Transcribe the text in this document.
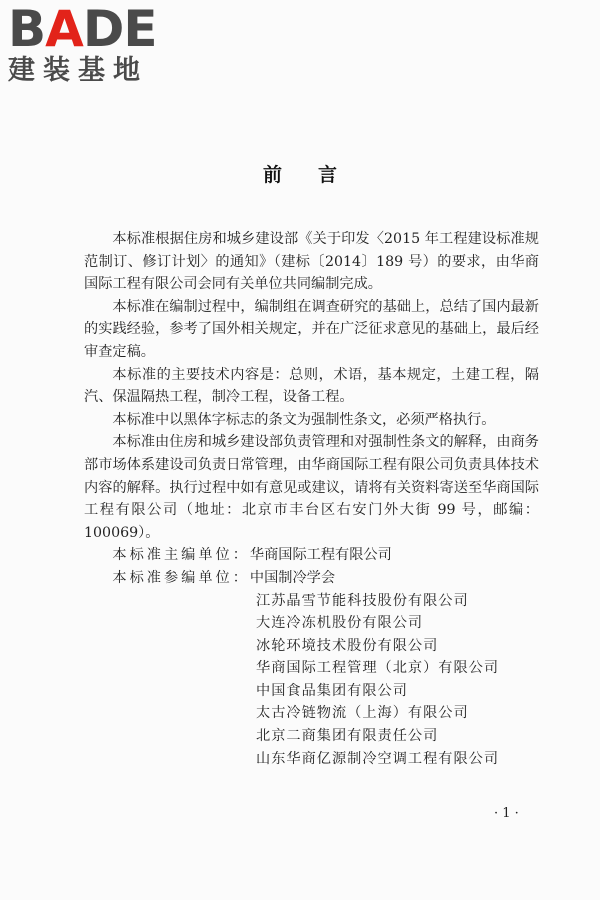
BADE
建装基地
前言

本标准根据住房和城乡建设部《关于印发〈2015 年工程建设标准规范制订、修订计划〉的通知》（建标〔2014〕189 号）的要求，由华商国际工程有限公司会同有关单位共同编制完成。

本标准在编制过程中，编制组在调查研究的基础上，总结了国内最新的实践经验，参考了国外相关规定，并在广泛征求意见的基础上，最后经审查定稿。

本标准的主要技术内容是：总则，术语，基本规定，土建工程，隔汽、保温隔热工程，制冷工程，设备工程。

本标准中以黑体字标志的条文为强制性条文，必须严格执行。

本标准由住房和城乡建设部负责管理和对强制性条文的解释，由商务部市场体系建设司负责日常管理，由华商国际工程有限公司负责具体技术内容的解释。执行过程中如有意见或建议，请将有关资料寄送至华商国际工程有限公司（地址：北京市丰台区右安门外大街 99 号，邮编：100069）。

本标准主编单位：华商国际工程有限公司
本标准参编单位：中国制冷学会
江苏晶雪节能科技股份有限公司
大连冷冻机股份有限公司
冰轮环境技术股份有限公司
华商国际工程管理（北京）有限公司
中国食品集团有限公司
太古冷链物流（上海）有限公司
北京二商集团有限责任公司
山东华商亿源制冷空调工程有限公司
· 1 ·
